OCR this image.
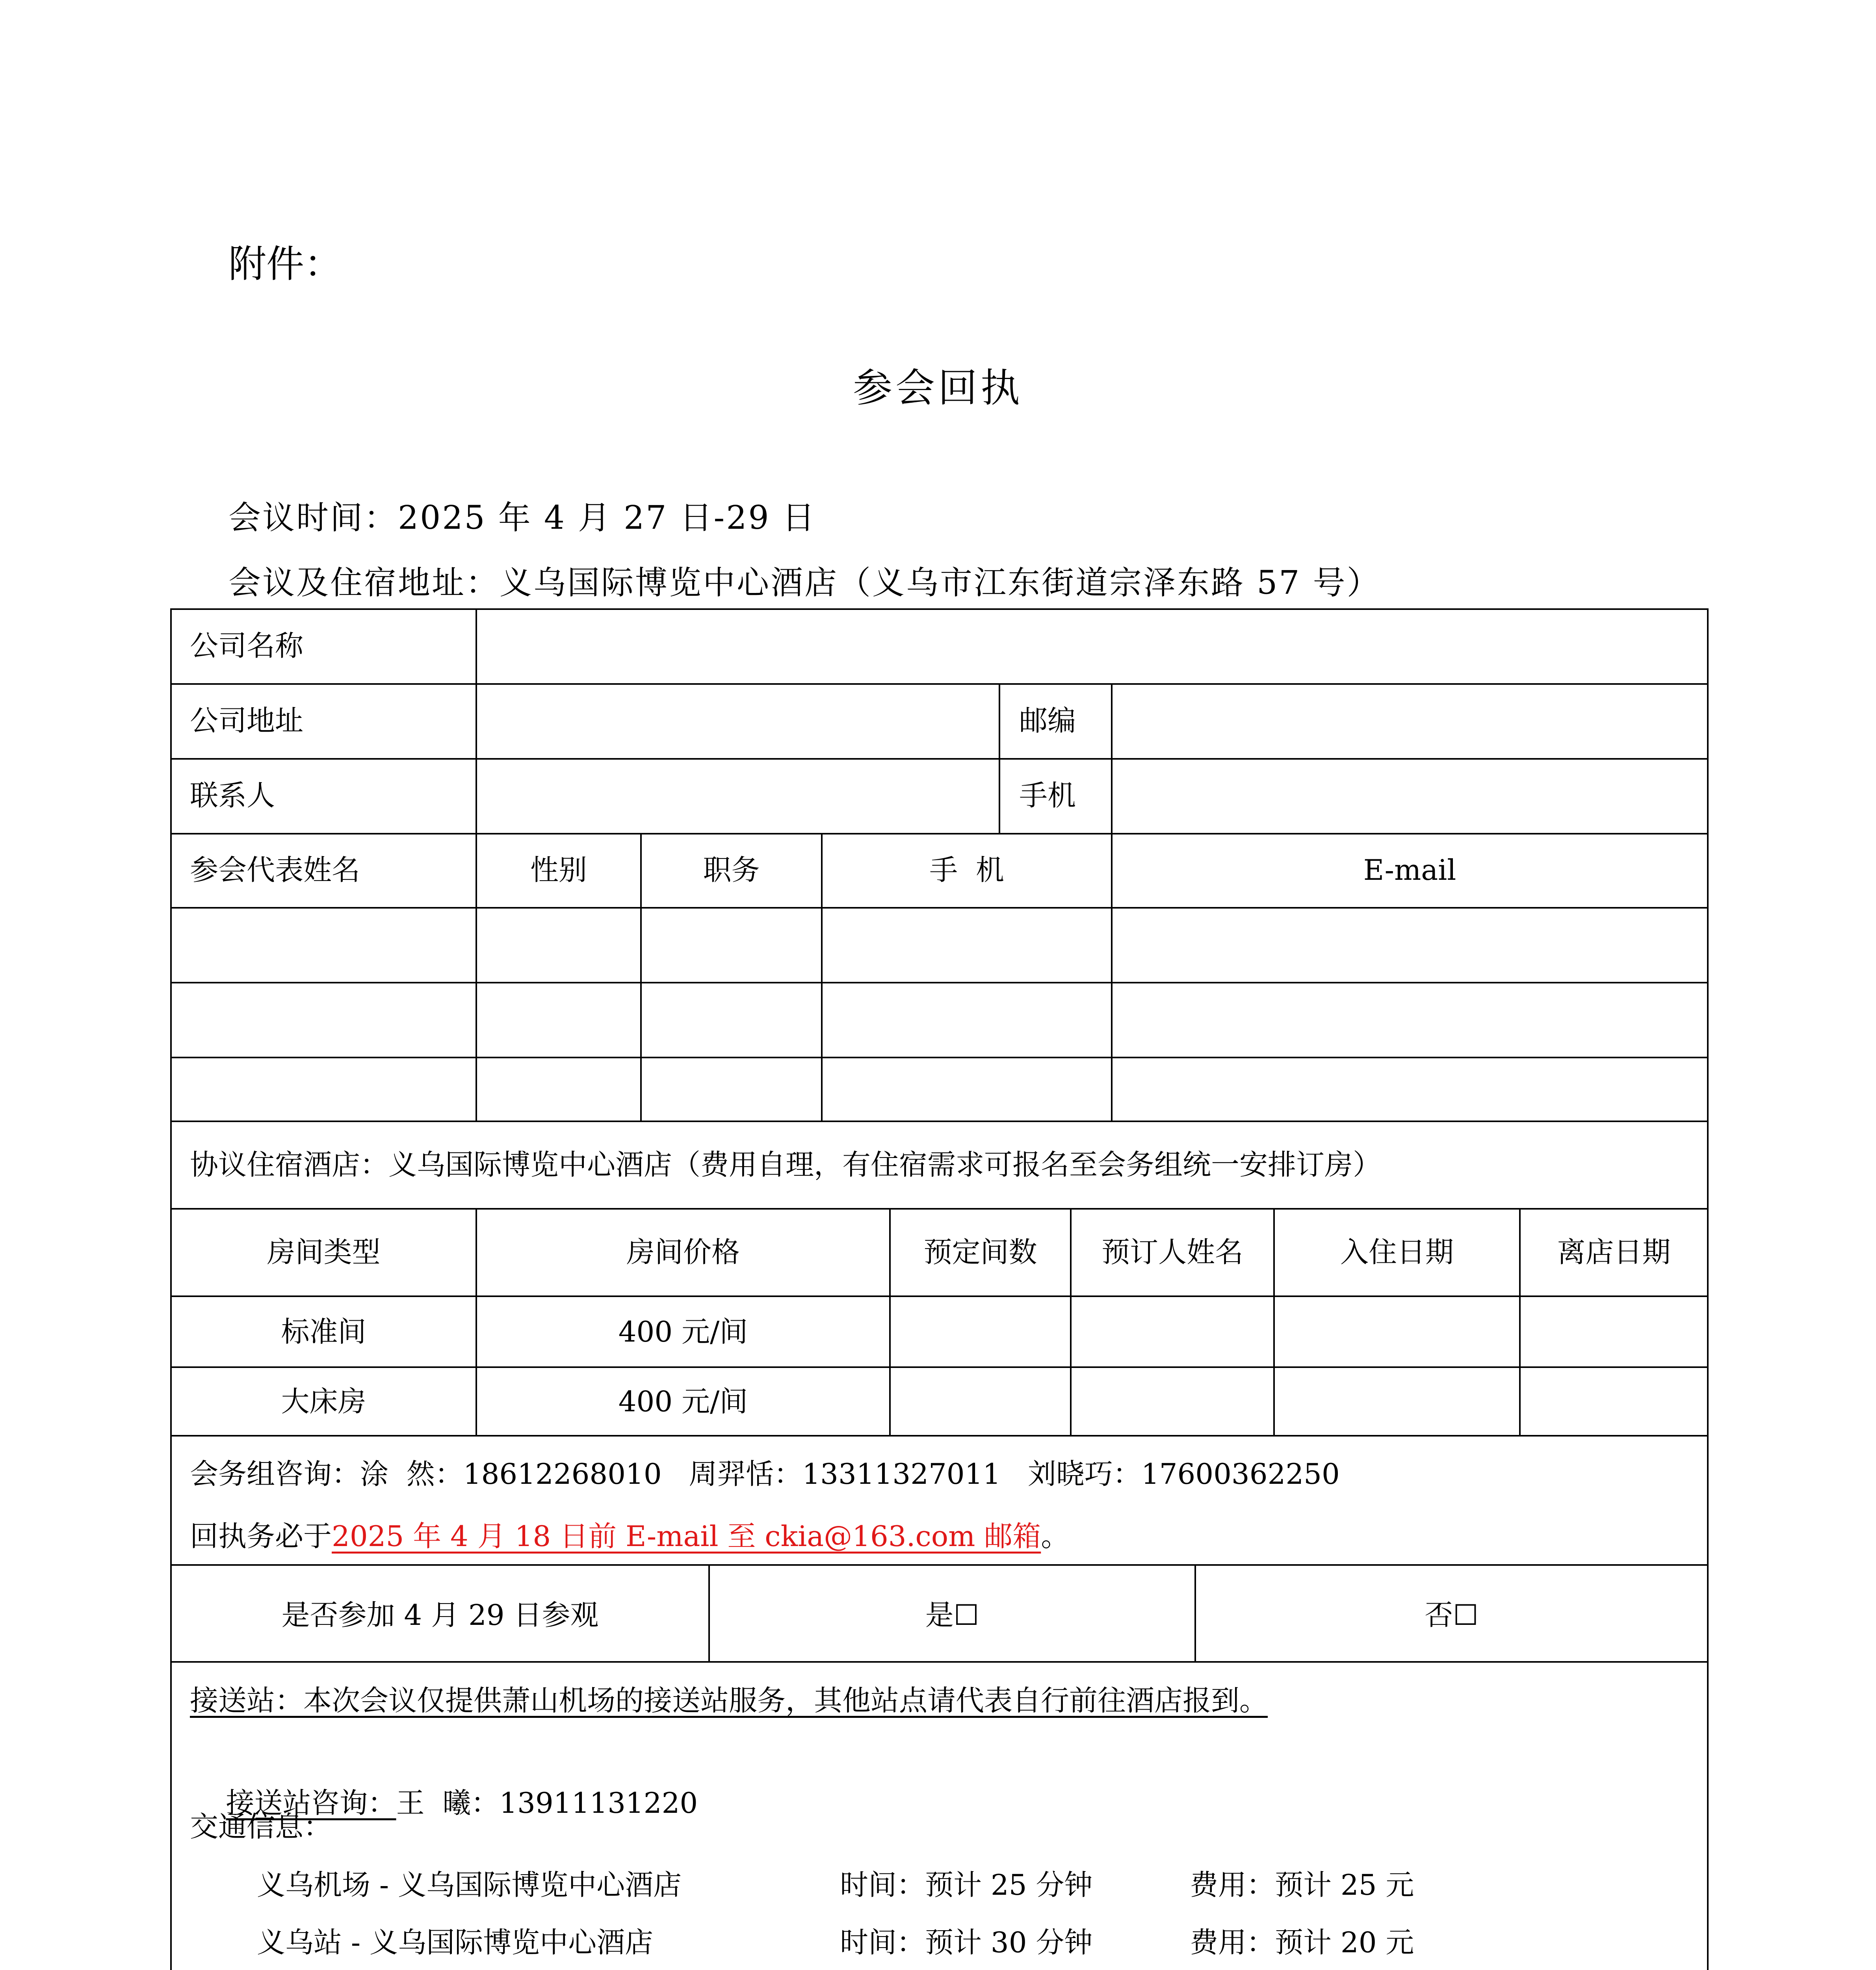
附件：
参会回执
会议时间：2025 年 4 月 27 日-29 日
会议及住宿地址：义乌国际博览中心酒店（义乌市江东街道宗泽东路 57 号）
公司名称
公司地址	邮编
联系人	手机
参会代表姓名	性别	职务	手  机	E-mail
协议住宿酒店：义乌国际博览中心酒店（费用自理，有住宿需求可报名至会务组统一安排订房）
房间类型	房间价格	预定间数	预订人姓名	入住日期	离店日期
标准间	400 元/间
大床房	400 元/间
会务组咨询：涂  然：18612268010   周羿恬：13311327011   刘晓巧：17600362250
回执务必于2025 年 4 月 18 日前 E-mail 至 ckia@163.com 邮箱。
是否参加 4 月 29 日参观	是☐	否☐
接送站：本次会议仅提供萧山机场的接送站服务，其他站点请代表自行前往酒店报到。

接送站咨询：王  曦：13911131220

交通信息：
义乌机场 - 义乌国际博览中心酒店	时间：预计 25 分钟	费用：预计 25 元
义乌站 - 义乌国际博览中心酒店	时间：预计 30 分钟	费用：预计 20 元
